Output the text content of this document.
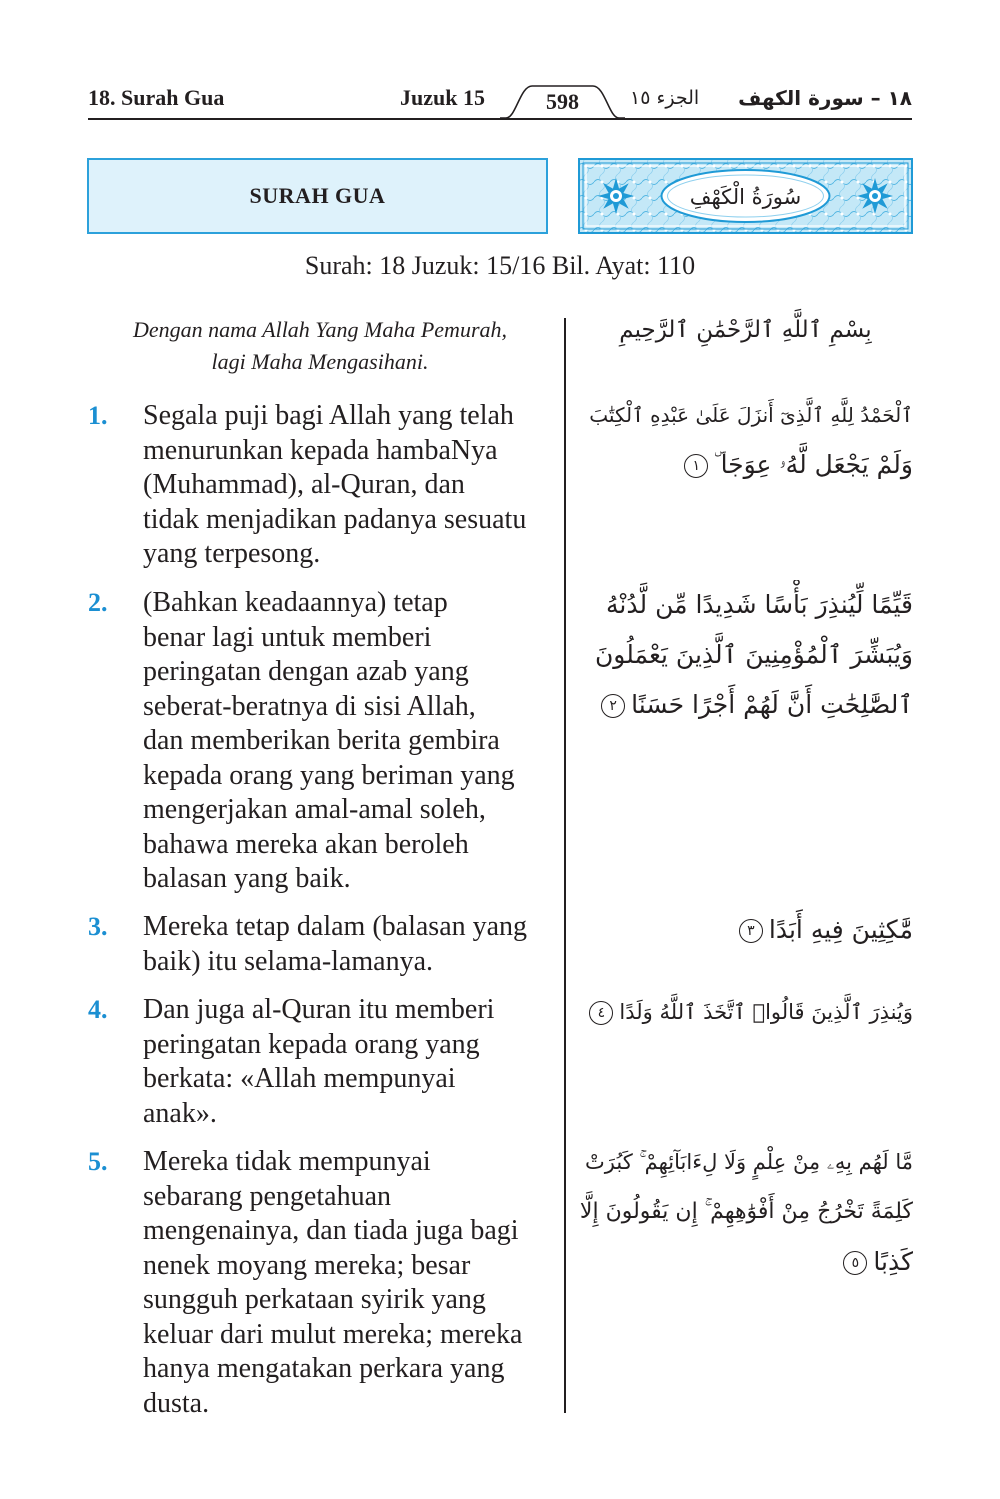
18. Surah Gua	Juzuk 15	598	الجزء ١٥ ١٨ – سورة الكهف
SURAH GUA	سُورَةُ الْكَهْفِ
Surah: 18 Juzuk: 15/16 Bil. Ayat: 110
Dengan nama Allah Yang Maha Pemurah,
lagi Maha Mengasihani.
1. Segala puji bagi Allah yang telah
menurunkan kepada hambaNya
(Muhammad), al-Quran, dan
tidak menjadikan padanya sesuatu
yang terpesong.
2. (Bahkan keadaannya) tetap
benar lagi untuk memberi
peringatan dengan azab yang
seberat-beratnya di sisi Allah,
dan memberikan berita gembira
kepada orang yang beriman yang
mengerjakan amal-amal soleh,
bahawa mereka akan beroleh
balasan yang baik.
3. Mereka tetap dalam (balasan yang
baik) itu selama-lamanya.
4. Dan juga al-Quran itu memberi
peringatan kepada orang yang
berkata: «Allah mempunyai
anak».
5. Mereka tidak mempunyai
sebarang pengetahuan
mengenainya, dan tiada juga bagi
nenek moyang mereka; besar
sungguh perkataan syirik yang
keluar dari mulut mereka; mereka
hanya mengatakan perkara yang
dusta.
بِسْمِ ٱللَّهِ ٱلرَّحْمَٰنِ ٱلرَّحِيمِ
ٱلْحَمْدُ لِلَّهِ ٱلَّذِىٓ أَنزَلَ عَلَىٰ عَبْدِهِ ٱلْكِتَٰبَ
وَلَمْ يَجْعَل لَّهُۥ عِوَجَا ۜ١
قَيِّمًا لِّيُنذِرَ بَأْسًا شَدِيدًا مِّن لَّدُنْهُ
وَيُبَشِّرَ ٱلْمُؤْمِنِينَ ٱلَّذِينَ يَعْمَلُونَ
ٱلصَّٰلِحَٰتِ أَنَّ لَهُمْ أَجْرًا حَسَنًا٢
مَّٰكِثِينَ فِيهِ أَبَدًا٣
وَيُنذِرَ ٱلَّذِينَ قَالُوا۟ ٱتَّخَذَ ٱللَّهُ وَلَدًا٤
مَّا لَهُم بِهِۦ مِنْ عِلْمٍ وَلَا لِءَابَآئِهِمْ ۚ كَبُرَتْ
كَلِمَةً تَخْرُجُ مِنْ أَفْوَٰهِهِمْ ۚ إِن يَقُولُونَ إِلَّا
كَذِبًا٥
